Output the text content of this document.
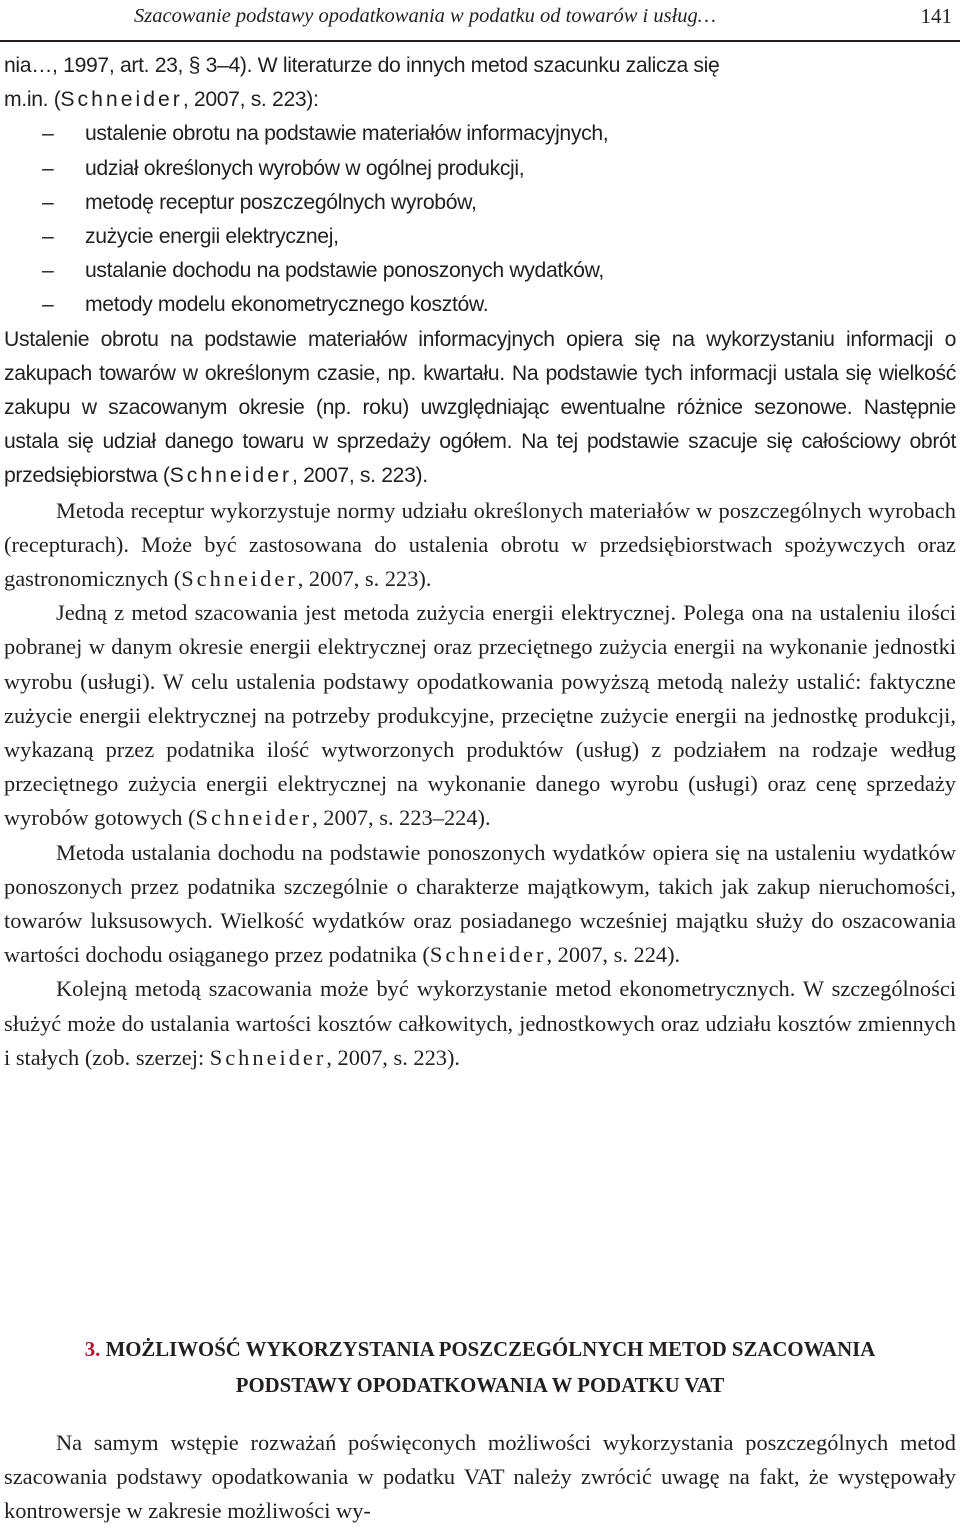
Szacowanie podstawy opodatkowania w podatku od towarów i usług…	141

nia…, 1997, art. 23, § 3–4). W literaturze do innych metod szacunku zalicza się

m.in. (Schneider, 2007, s. 223):

– ustalenie obrotu na podstawie materiałów informacyjnych,
– udział określonych wyrobów w ogólnej produkcji,
– metodę receptur poszczególnych wyrobów,
– zużycie energii elektrycznej,
– ustalanie dochodu na podstawie ponoszonych wydatków,
– metody modelu ekonometrycznego kosztów.

Ustalenie obrotu na podstawie materiałów informacyjnych opiera się na wykorzystaniu informacji o zakupach towarów w określonym czasie, np. kwartału. Na podstawie tych informacji ustala się wielkość zakupu w szacowanym okresie (np. roku) uwzględniając ewentualne różnice sezonowe. Następnie ustala się udział danego towaru w sprzedaży ogółem. Na tej podstawie szacuje się całościowy obrót przedsiębiorstwa (Schneider, 2007, s. 223).

Metoda receptur wykorzystuje normy udziału określonych materiałów w poszczególnych wyrobach (recepturach). Może być zastosowana do ustalenia obrotu w przedsiębiorstwach spożywczych oraz gastronomicznych (Schneider, 2007, s. 223).

Jedną z metod szacowania jest metoda zużycia energii elektrycznej. Polega ona na ustaleniu ilości pobranej w danym okresie energii elektrycznej oraz przeciętnego zużycia energii na wykonanie jednostki wyrobu (usługi). W celu ustalenia podstawy opodatkowania powyższą metodą należy ustalić: faktyczne zużycie energii elektrycznej na potrzeby produkcyjne, przeciętne zużycie energii na jednostkę produkcji, wykazaną przez podatnika ilość wytworzonych produktów (usług) z podziałem na rodzaje według przeciętnego zużycia energii elektrycznej na wykonanie danego wyrobu (usługi) oraz cenę sprzedaży wyrobów gotowych (Schneider, 2007, s. 223–224).

Metoda ustalania dochodu na podstawie ponoszonych wydatków opiera się na ustaleniu wydatków ponoszonych przez podatnika szczególnie o charakterze majątkowym, takich jak zakup nieruchomości, towarów luksusowych. Wielkość wydatków oraz posiadanego wcześniej majątku służy do oszacowania wartości dochodu osiąganego przez podatnika (Schneider, 2007, s. 224).

Kolejną metodą szacowania może być wykorzystanie metod ekonometrycznych. W szczególności służyć może do ustalania wartości kosztów całkowitych, jednostkowych oraz udziału kosztów zmiennych i stałych (zob. szerzej: Schneider, 2007, s. 223).

3. MOŻLIWOŚĆ WYKORZYSTANIA POSZCZEGÓLNYCH METOD SZACOWANIA
PODSTAWY OPODATKOWANIA W PODATKU VAT

Na samym wstępie rozważań poświęconych możliwości wykorzystania poszczególnych metod szacowania podstawy opodatkowania w podatku VAT należy zwrócić uwagę na fakt, że występowały kontrowersje w zakresie możliwości wy-
